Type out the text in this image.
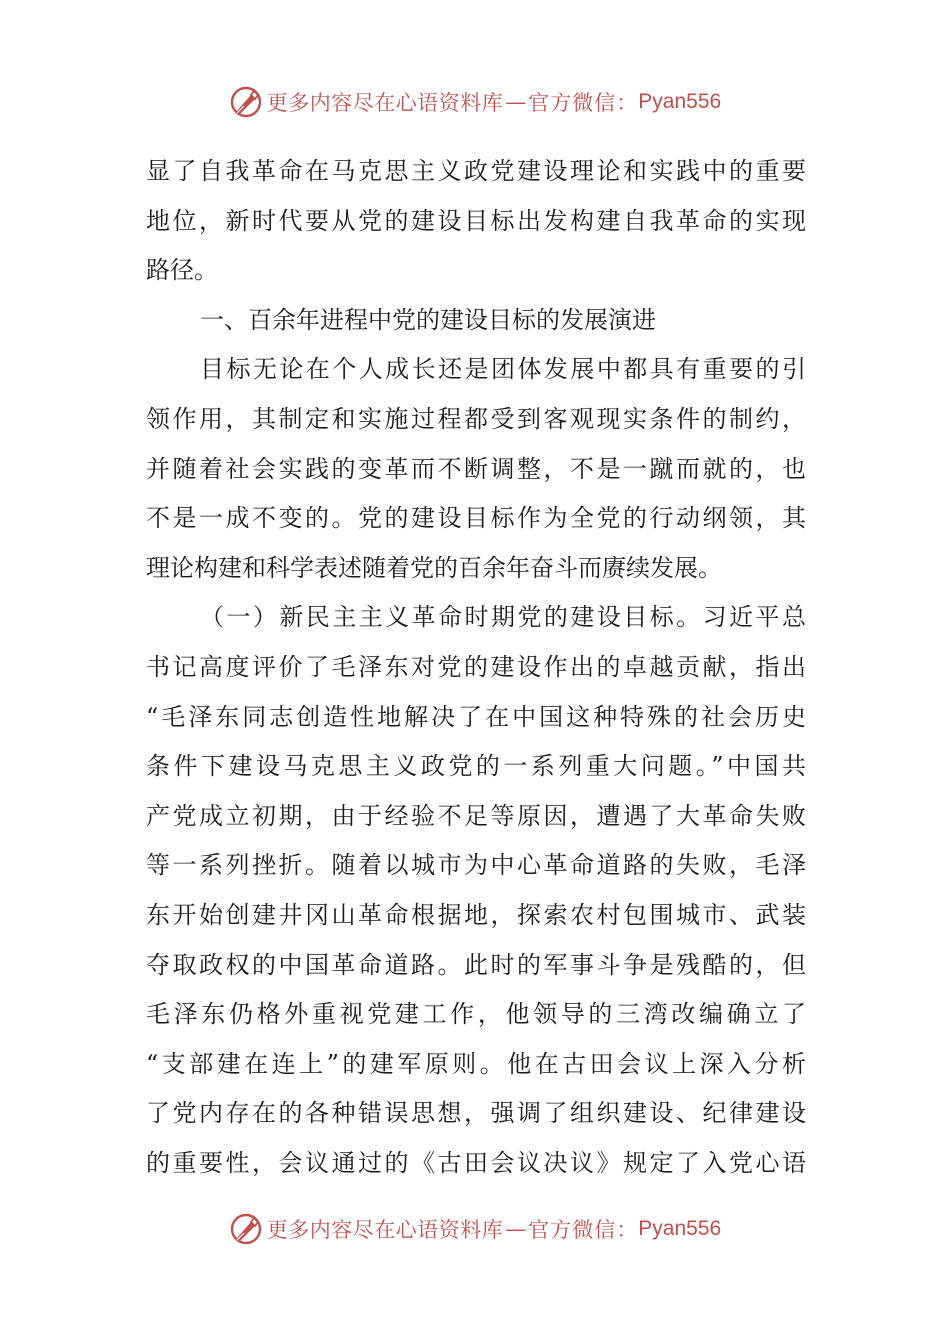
更多内容尽在心语资料库 — 官方微信： Pyan556
显了自我革命在马克思主义政党建设理论和实践中的重要
地位，新时代要从党的建设目标出发构建自我革命的实现
路径。
一、百余年进程中党的建设目标的发展演进
目标无论在个人成长还是团体发展中都具有重要的引
领作用，其制定和实施过程都受到客观现实条件的制约，
并随着社会实践的变革而不断调整，不是一蹴而就的，也
不是一成不变的。党的建设目标作为全党的行动纲领，其
理论构建和科学表述随着党的百余年奋斗而赓续发展。
（一）新民主主义革命时期党的建设目标。习近平总
书记高度评价了毛泽东对党的建设作出的卓越贡献，指出
“毛泽东同志创造性地解决了在中国这种特殊的社会历史
条件下建设马克思主义政党的一系列重大问题。”中国共
产党成立初期，由于经验不足等原因，遭遇了大革命失败
等一系列挫折。随着以城市为中心革命道路的失败，毛泽
东开始创建井冈山革命根据地，探索农村包围城市、武装
夺取政权的中国革命道路。此时的军事斗争是残酷的，但
毛泽东仍格外重视党建工作，他领导的三湾改编确立了
“支部建在连上”的建军原则。他在古田会议上深入分析
了党内存在的各种错误思想，强调了组织建设、纪律建设
的重要性，会议通过的《古田会议决议》规定了入党心语
更多内容尽在心语资料库 — 官方微信： Pyan556
